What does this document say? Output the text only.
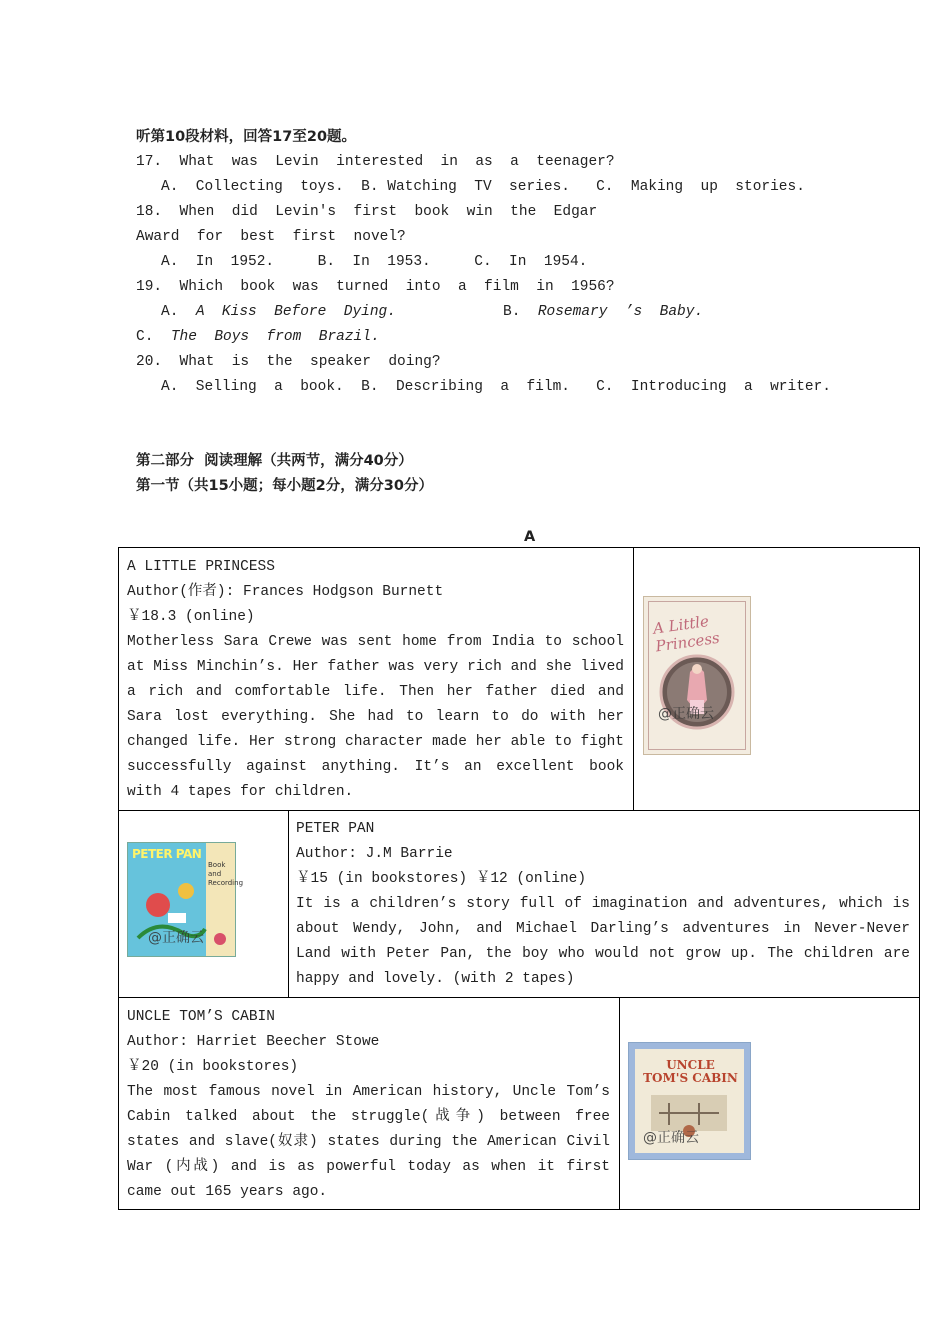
听第10段材料，回答17至20题。
17.  What  was  Levin  interested  in  as  a  teenager?
A.  Collecting  toys.  B. Watching  TV  series.   C.  Making  up  stories.
18.  When  did  Levin's  first  book  win  the  Edgar
Award  for  best  first  novel?
A.  In  1952.     B.  In  1953.     C.  In  1954.
19.  Which  book  was  turned  into  a  film  in  1956?
A. A  Kiss  Before  Dying.	B. Rosemary  ’s  Baby.
C. The  Boys  from  Brazil.
20.  What  is  the  speaker  doing?
A.  Selling  a  book.  B.  Describing  a  film.   C.  Introducing  a  writer.
第二部分  阅读理解（共两节，满分40分）
第一节（共15小题；每小题2分，满分30分）
A
A LITTLE PRINCESS
Author(作者): Frances Hodgson Burnett
￥18.3 (online)
Motherless Sara Crewe was sent home from India to school at Miss Minchin’s. Her father was very rich and she lived a rich and comfortable life. Then her father died and Sara lost everything. She had to learn to do with her changed life. Her strong character made her able to fight successfully against anything. It’s an excellent book with 4 tapes for children.
A Little Princess
@正确云
PETER PAN
Book and Recording
@正确云
PETER PAN
Author: J.M Barrie
￥15 (in bookstores) ￥12 (online)
It is a children’s story full of imagination and adventures, which is about Wendy, John, and Michael Darling’s adventures in Never-Never Land with Peter Pan, the boy who would not grow up. The children are happy and lovely. (with 2 tapes)
UNCLE TOM’S CABIN
Author: Harriet Beecher Stowe
￥20 (in bookstores)
The most famous novel in American history, Uncle Tom’s Cabin talked about the struggle(战争) between free states and slave(奴隶) states during the American Civil War (内战) and is as powerful today as when it first came out 165 years ago.
UNCLE TOM'S CABIN
@正确云
